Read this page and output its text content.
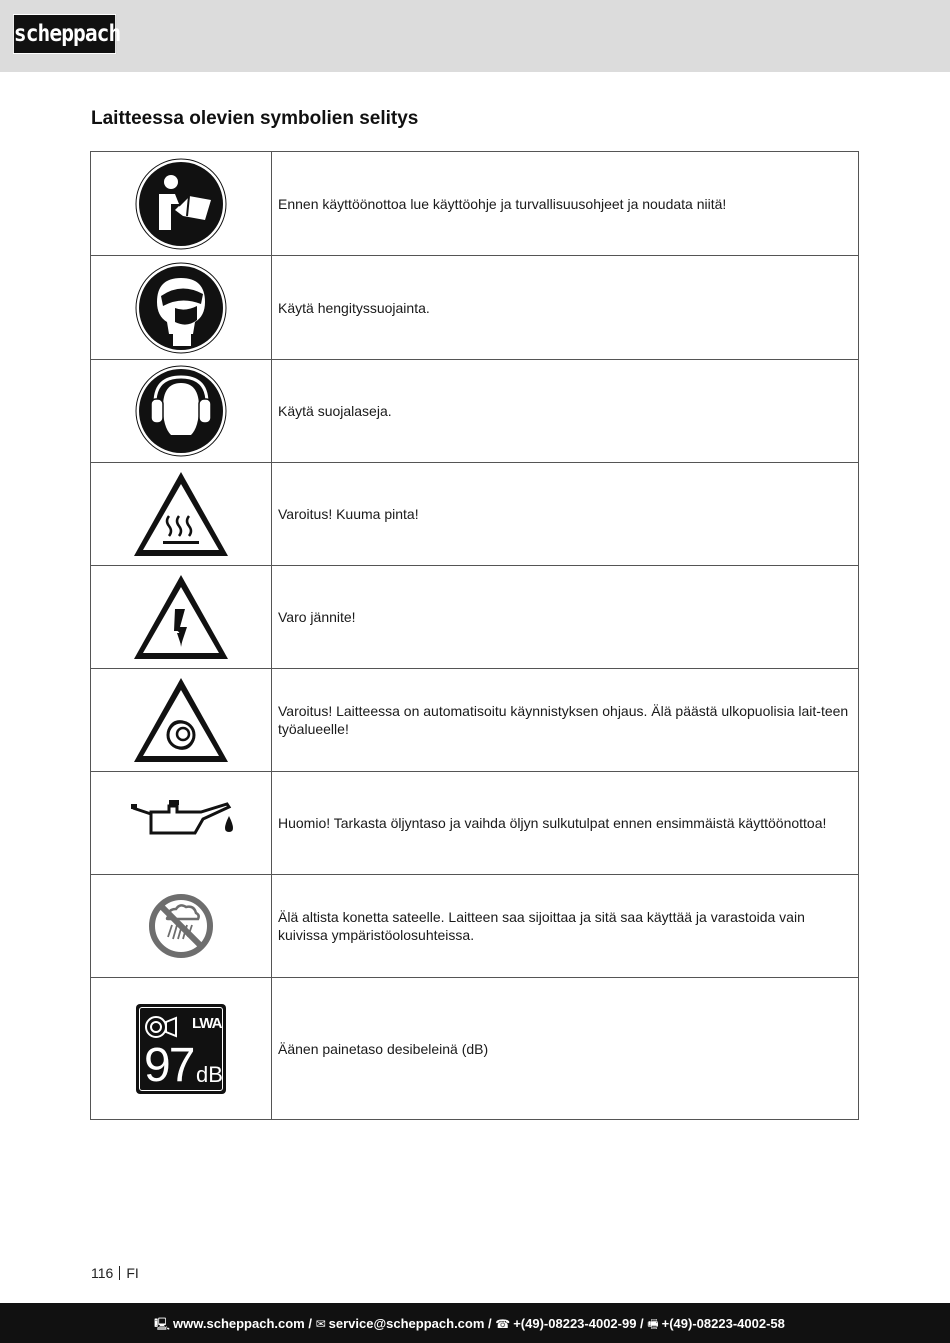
scheppach
Laitteessa olevien symbolien selitys
	Ennen käyttöönottoa lue käyttöohje ja turvallisuusohjeet ja noudata niitä!

	Käytä hengityssuojainta.

	Käytä suojalaseja.

	Varoitus! Kuuma pinta!

	Varo jännite!

	Varoitus! Laitteessa on automatisoitu käynnistyksen ohjaus. Älä päästä ulkopuolisia lait-teen työalueelle!

	Huomio! Tarkasta öljyntaso ja vaihda öljyn sulkutulpat ennen ensimmäistä käyttöönottoa!

	Älä altista konetta sateelle. Laitteen saa sijoittaa ja sitä saa käyttää ja varastoida vain kuivissa ympäristöolosuhteissa.

LWA
97 dB	Äänen painetaso desibeleinä (dB)
116 FI
🖳 www.scheppach.com / ✉ service@scheppach.com / ☎ +(49)-08223-4002-99 / 🖷 +(49)-08223-4002-58
